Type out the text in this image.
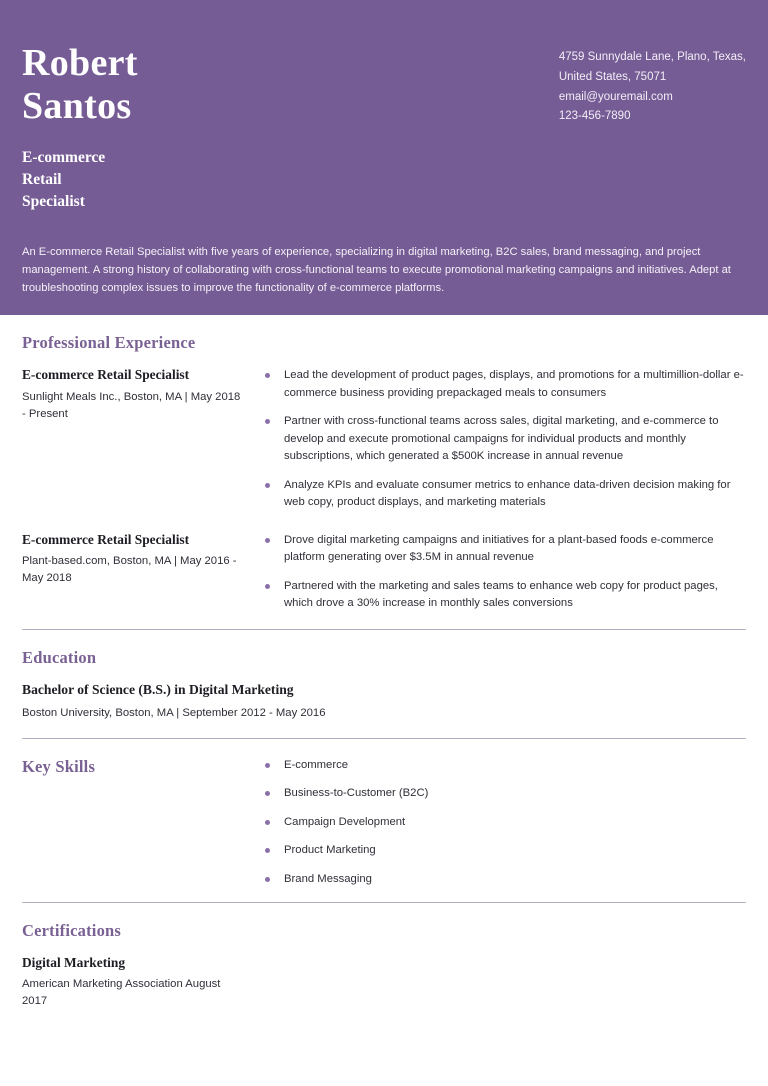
Robert
Santos
E-commerce Retail
Specialist
4759 Sunnydale Lane, Plano, Texas,
United States, 75071
email@youremail.com
123-456-7890

An E-commerce Retail Specialist with five years of experience, specializing in digital marketing, B2C sales, brand messaging, and project management. A strong history of collaborating with cross-functional teams to execute promotional marketing campaigns and initiatives. Adept at troubleshooting complex issues to improve the functionality of e-commerce platforms.

Professional Experience

E-commerce Retail Specialist

Sunlight Meals Inc., Boston, MA | May 2018 - Present

Lead the development of product pages, displays, and promotions for a multimillion-dollar e-commerce business providing prepackaged meals to consumers
Partner with cross-functional teams across sales, digital marketing, and e-commerce to develop and execute promotional campaigns for individual products and monthly subscriptions, which generated a $500K increase in annual revenue
Analyze KPIs and evaluate consumer metrics to enhance data-driven decision making for web copy, product displays, and marketing materials

E-commerce Retail Specialist

Plant-based.com, Boston, MA | May 2016 - May 2018

Drove digital marketing campaigns and initiatives for a plant-based foods e-commerce platform generating over $3.5M in annual revenue
Partnered with the marketing and sales teams to enhance web copy for product pages, which drove a 30% increase in monthly sales conversions
Education

Bachelor of Science (B.S.) in Digital Marketing

Boston University, Boston, MA | September 2012 - May 2016

Key Skills	E-commerce
Business-to-Customer (B2C)
Campaign Development
Product Marketing
Brand Messaging
Certifications

Digital Marketing

American Marketing Association August 2017
